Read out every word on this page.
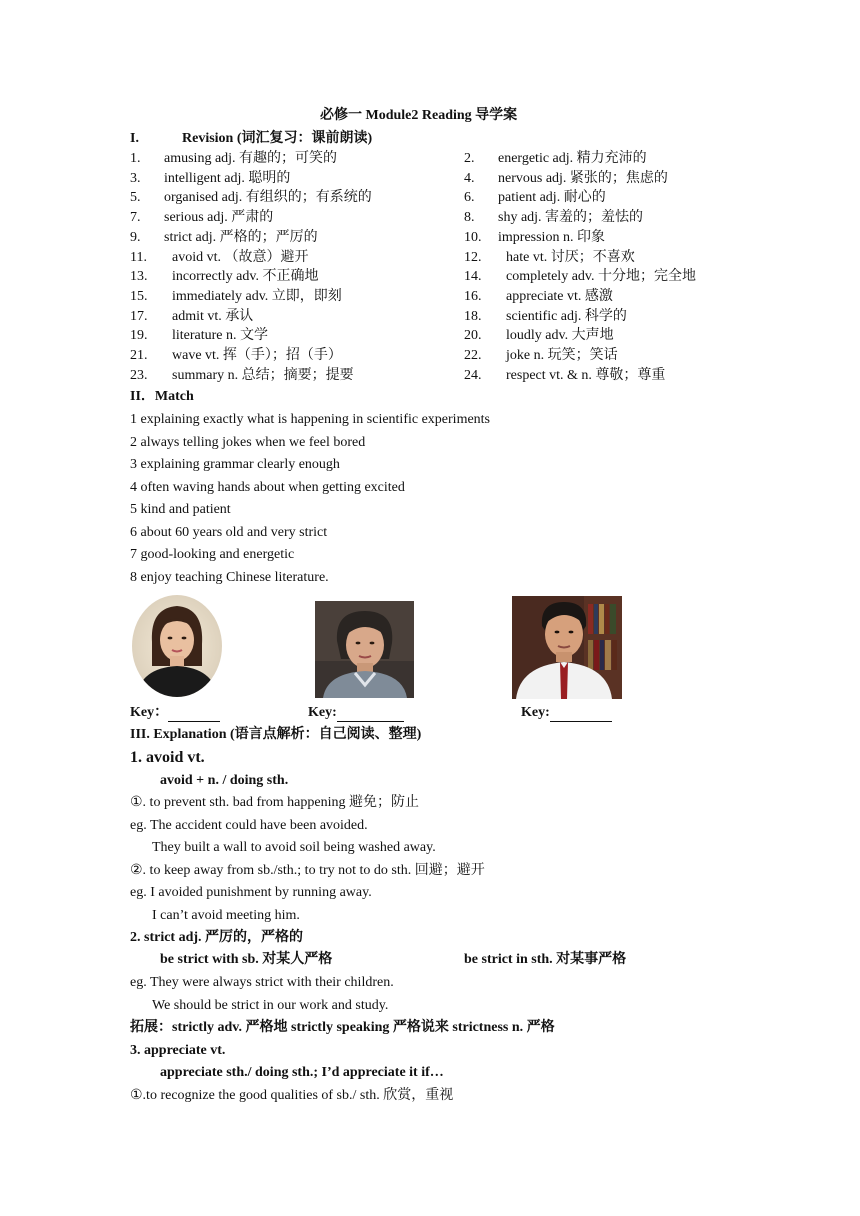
必修一 Module2 Reading 导学案
I.	Revision (词汇复习：课前朗读)
1. amusing adj. 有趣的；可笑的	2. energetic adj. 精力充沛的
3. intelligent adj. 聪明的	4. nervous adj. 紧张的；焦虑的
5. organised adj. 有组织的；有系统的	6. patient adj. 耐心的
7. serious adj. 严肃的	8. shy adj. 害羞的；羞怯的
9. strict adj. 严格的；严厉的	10. impression n. 印象
11. avoid vt. （故意）避开	12. hate vt. 讨厌；不喜欢
13. incorrectly adv. 不正确地	14. completely adv. 十分地；完全地
15. immediately adv. 立即，即刻	16. appreciate vt. 感激
17. admit vt. 承认	18. scientific adj. 科学的
19. literature n. 文学	20. loudly adv. 大声地
21. wave vt. 挥（手）；招（手）	22. joke n. 玩笑；笑话
23. summary n. 总结；摘要；提要	24. respect vt. & n. 尊敬；尊重
II．Match
1 explaining exactly what is happening in scientific experiments
2 always telling jokes when we feel bored
3 explaining grammar clearly enough
4 often waving hands about when getting excited
5 kind and patient
6 about 60 years old and very strict
7 good-looking and energetic
8 enjoy teaching Chinese literature.
Key：	Key:	Key:
III. Explanation (语言点解析：自己阅读、整理)
1. avoid vt.
avoid + n. / doing sth.
①. to prevent sth. bad from happening 避免；防止
eg. The accident could have been avoided.
They built a wall to avoid soil being washed away.
②. to keep away from sb./sth.; to try not to do sth. 回避；避开
eg. I avoided punishment by running away.
I can’t avoid meeting him.
2. strict adj. 严厉的，严格的
be strict with sb. 对某人严格	be strict in sth. 对某事严格
eg. They were always strict with their children.
We should be strict in our work and study.
拓展：strictly adv. 严格地 strictly speaking 严格说来 strictness n. 严格
3. appreciate vt.
appreciate sth./ doing sth.; I’d appreciate it if…
①.to recognize the good qualities of sb./ sth. 欣赏，重视
